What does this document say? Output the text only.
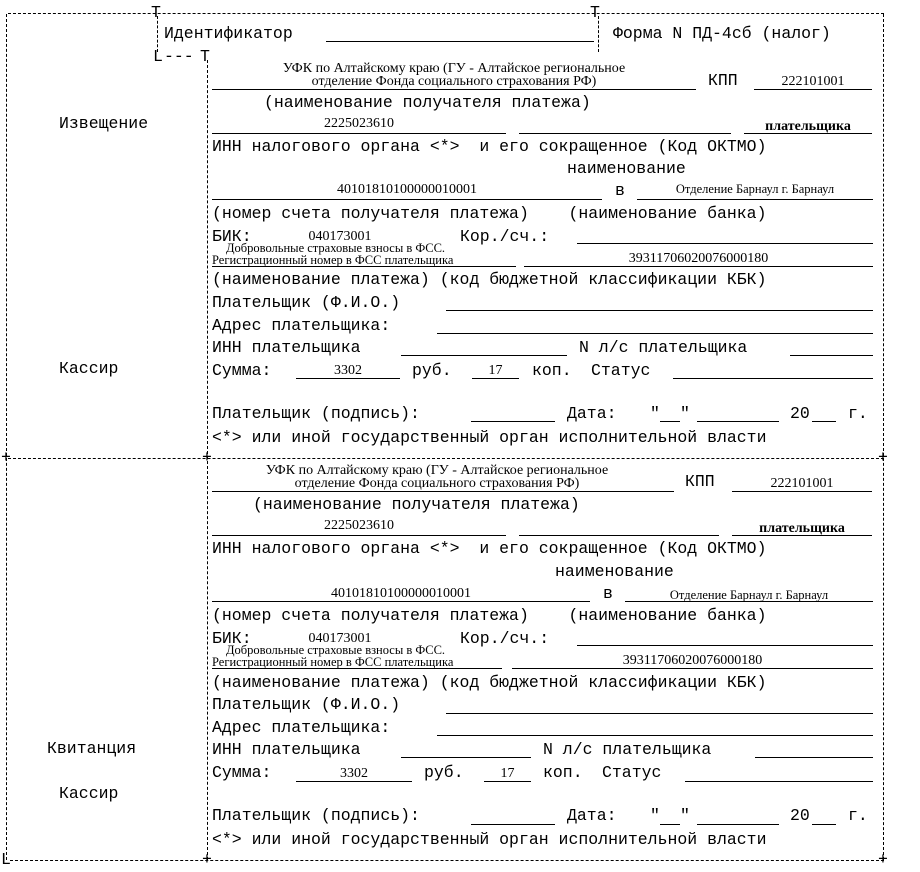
T	T
+	+	+
L	+	+
L --- T
Идентификатор	Форма N ПД-4сб (налог)
Извещение
Кассир
Квитанция
Кассир
УФК по Алтайскому краю (ГУ - Алтайское региональное
отделение Фонда социального страхования РФ)	КПП	222101001
(наименование получателя платежа)
2225023610	плательщика
ИНН налогового органа <*>  и его сокращенное (Код ОКТМО)
наименование
40101810100000010001	в	Отделение Барнаул г. Барнаул
(номер счета получателя платежа)    (наименование банка)
БИК:	040173001	Кор./сч.:
Добровольные страховые взносы в ФСС.
Регистрационный номер в ФСС плательщика	39311706020076000180
(наименование платежа) (код бюджетной классификации КБК)
Плательщик (Ф.И.О.)
Адрес плательщика:
ИНН плательщика	N л/с плательщика
Сумма:	3302	руб.	17	коп. Статус
Плательщик (подпись):	Дата: " "	20 г.
<*> или иной государственный орган исполнительной власти
УФК по Алтайскому краю (ГУ - Алтайское региональное
отделение Фонда социального страхования РФ)	КПП	222101001
(наименование получателя платежа)
2225023610	плательщика
ИНН налогового органа <*>  и его сокращенное (Код ОКТМО)
наименование
40101810100000010001	в	Отделение Барнаул г. Барнаул
(номер счета получателя платежа)    (наименование банка)
БИК:	040173001	Кор./сч.:
Добровольные страховые взносы в ФСС.
Регистрационный номер в ФСС плательщика	39311706020076000180
(наименование платежа) (код бюджетной классификации КБК)
Плательщик (Ф.И.О.)
Адрес плательщика:
ИНН плательщика	N л/с плательщика
Сумма:	3302	руб.	17	коп. Статус
Плательщик (подпись):	Дата: " "	20 г.
<*> или иной государственный орган исполнительной власти
